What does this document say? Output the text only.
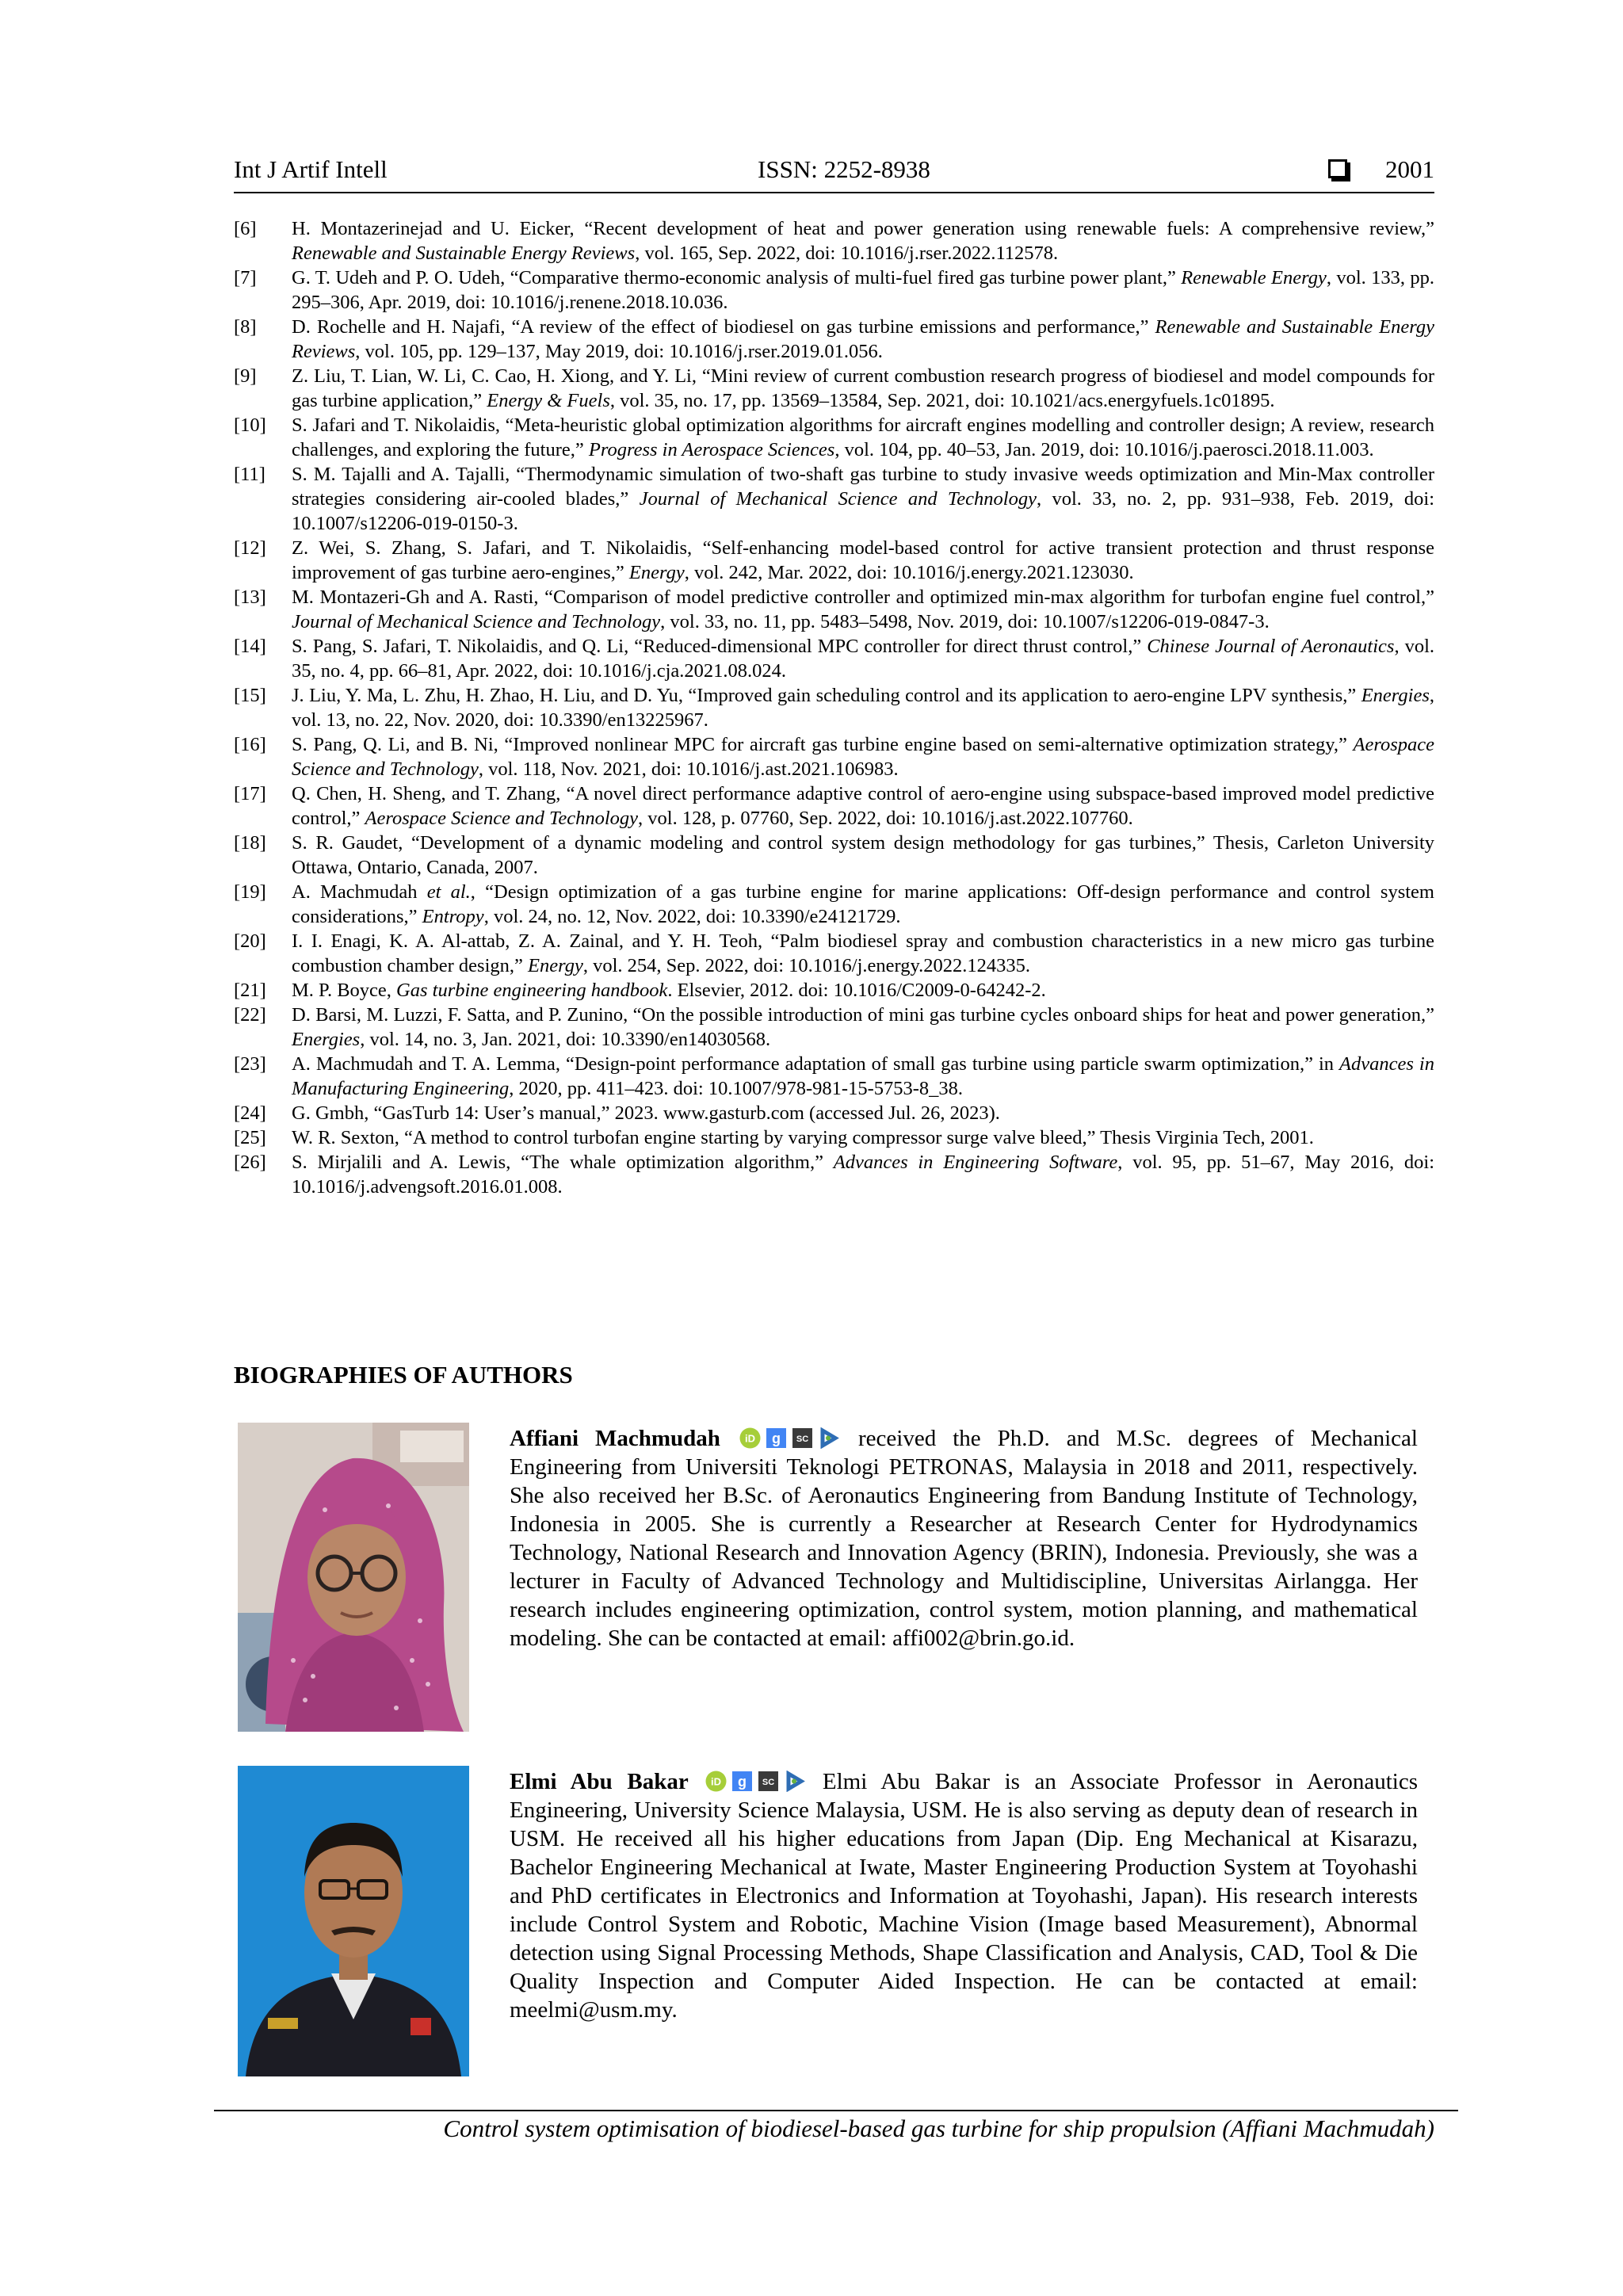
Int J Artif Intell	ISSN: 2252-8938	2001
[6] H. Montazerinejad and U. Eicker, “Recent development of heat and power generation using renewable fuels: A comprehensive review,” Renewable and Sustainable Energy Reviews, vol. 165, Sep. 2022, doi: 10.1016/j.rser.2022.112578.
[7] G. T. Udeh and P. O. Udeh, “Comparative thermo-economic analysis of multi-fuel fired gas turbine power plant,” Renewable Energy, vol. 133, pp. 295–306, Apr. 2019, doi: 10.1016/j.renene.2018.10.036.
[8] D. Rochelle and H. Najafi, “A review of the effect of biodiesel on gas turbine emissions and performance,” Renewable and Sustainable Energy Reviews, vol. 105, pp. 129–137, May 2019, doi: 10.1016/j.rser.2019.01.056.
[9] Z. Liu, T. Lian, W. Li, C. Cao, H. Xiong, and Y. Li, “Mini review of current combustion research progress of biodiesel and model compounds for gas turbine application,” Energy & Fuels, vol. 35, no. 17, pp. 13569–13584, Sep. 2021, doi: 10.1021/acs.energyfuels.1c01895.
[10] S. Jafari and T. Nikolaidis, “Meta-heuristic global optimization algorithms for aircraft engines modelling and controller design; A review, research challenges, and exploring the future,” Progress in Aerospace Sciences, vol. 104, pp. 40–53, Jan. 2019, doi: 10.1016/j.paerosci.2018.11.003.
[11] S. M. Tajalli and A. Tajalli, “Thermodynamic simulation of two-shaft gas turbine to study invasive weeds optimization and Min-Max controller strategies considering air-cooled blades,” Journal of Mechanical Science and Technology, vol. 33, no. 2, pp. 931–938, Feb. 2019, doi: 10.1007/s12206-019-0150-3.
[12] Z. Wei, S. Zhang, S. Jafari, and T. Nikolaidis, “Self-enhancing model-based control for active transient protection and thrust response improvement of gas turbine aero-engines,” Energy, vol. 242, Mar. 2022, doi: 10.1016/j.energy.2021.123030.
[13] M. Montazeri-Gh and A. Rasti, “Comparison of model predictive controller and optimized min-max algorithm for turbofan engine fuel control,” Journal of Mechanical Science and Technology, vol. 33, no. 11, pp. 5483–5498, Nov. 2019, doi: 10.1007/s12206-019-0847-3.
[14] S. Pang, S. Jafari, T. Nikolaidis, and Q. Li, “Reduced-dimensional MPC controller for direct thrust control,” Chinese Journal of Aeronautics, vol. 35, no. 4, pp. 66–81, Apr. 2022, doi: 10.1016/j.cja.2021.08.024.
[15] J. Liu, Y. Ma, L. Zhu, H. Zhao, H. Liu, and D. Yu, “Improved gain scheduling control and its application to aero-engine LPV synthesis,” Energies, vol. 13, no. 22, Nov. 2020, doi: 10.3390/en13225967.
[16] S. Pang, Q. Li, and B. Ni, “Improved nonlinear MPC for aircraft gas turbine engine based on semi-alternative optimization strategy,” Aerospace Science and Technology, vol. 118, Nov. 2021, doi: 10.1016/j.ast.2021.106983.
[17] Q. Chen, H. Sheng, and T. Zhang, “A novel direct performance adaptive control of aero-engine using subspace-based improved model predictive control,” Aerospace Science and Technology, vol. 128, p. 07760, Sep. 2022, doi: 10.1016/j.ast.2022.107760.
[18] S. R. Gaudet, “Development of a dynamic modeling and control system design methodology for gas turbines,” Thesis, Carleton University Ottawa, Ontario, Canada, 2007.
[19] A. Machmudah et al., “Design optimization of a gas turbine engine for marine applications: Off-design performance and control system considerations,” Entropy, vol. 24, no. 12, Nov. 2022, doi: 10.3390/e24121729.
[20] I. I. Enagi, K. A. Al-attab, Z. A. Zainal, and Y. H. Teoh, “Palm biodiesel spray and combustion characteristics in a new micro gas turbine combustion chamber design,” Energy, vol. 254, Sep. 2022, doi: 10.1016/j.energy.2022.124335.
[21] M. P. Boyce, Gas turbine engineering handbook. Elsevier, 2012. doi: 10.1016/C2009-0-64242-2.
[22] D. Barsi, M. Luzzi, F. Satta, and P. Zunino, “On the possible introduction of mini gas turbine cycles onboard ships for heat and power generation,” Energies, vol. 14, no. 3, Jan. 2021, doi: 10.3390/en14030568.
[23] A. Machmudah and T. A. Lemma, “Design-point performance adaptation of small gas turbine using particle swarm optimization,” in Advances in Manufacturing Engineering, 2020, pp. 411–423. doi: 10.1007/978-981-15-5753-8_38.
[24] G. Gmbh, “GasTurb 14: User’s manual,” 2023. www.gasturb.com (accessed Jul. 26, 2023).
[25] W. R. Sexton, “A method to control turbofan engine starting by varying compressor surge valve bleed,” Thesis Virginia Tech, 2001.
[26] S. Mirjalili and A. Lewis, “The whale optimization algorithm,” Advances in Engineering Software, vol. 95, pp. 51–67, May 2016, doi: 10.1016/j.advengsoft.2016.01.008.
BIOGRAPHIES OF AUTHORS
Affiani Machmudah iD g SC received the Ph.D. and M.Sc. degrees of Mechanical Engineering from Universiti Teknologi PETRONAS, Malaysia in 2018 and 2011, respectively. She also received her B.Sc. of Aeronautics Engineering from Bandung Institute of Technology, Indonesia in 2005. She is currently a Researcher at Research Center for Hydrodynamics Technology, National Research and Innovation Agency (BRIN), Indonesia. Previously, she was a lecturer in Faculty of Advanced Technology and Multidiscipline, Universitas Airlangga. Her research includes engineering optimization, control system, motion planning, and mathematical modeling. She can be contacted at email: affi002@brin.go.id.
Elmi Abu Bakar iD g SC Elmi Abu Bakar is an Associate Professor in Aeronautics Engineering, University Science Malaysia, USM. He is also serving as deputy dean of research in USM. He received all his higher educations from Japan (Dip. Eng Mechanical at Kisarazu, Bachelor Engineering Mechanical at Iwate, Master Engineering Production System at Toyohashi and PhD certificates in Electronics and Information at Toyohashi, Japan). His research interests include Control System and Robotic, Machine Vision (Image based Measurement), Abnormal detection using Signal Processing Methods, Shape Classification and Analysis, CAD, Tool & Die Quality Inspection and Computer Aided Inspection. He can be contacted at email: meelmi@usm.my.
Control system optimisation of biodiesel-based gas turbine for ship propulsion (Affiani Machmudah)
